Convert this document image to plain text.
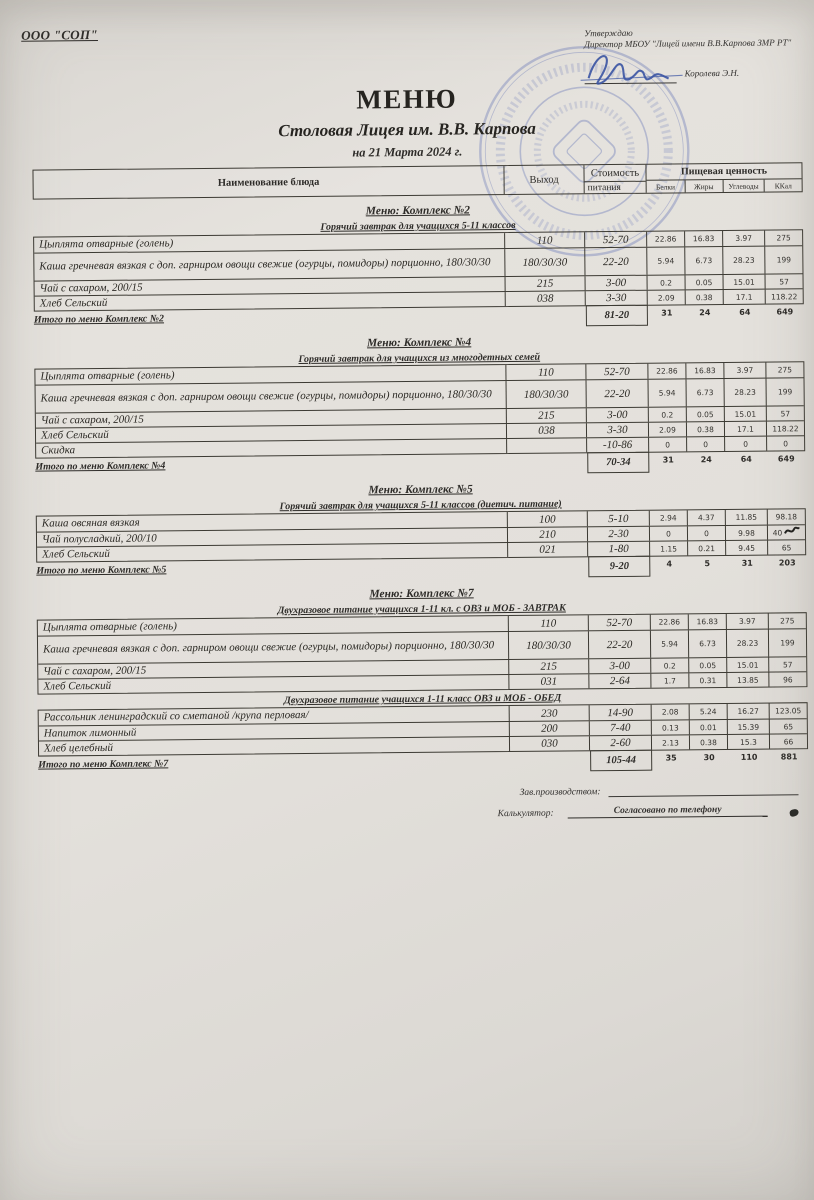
ООО "СОП"	Утверждаю
Директор МБОУ "Лицей имени В.В.Карпова ЗМР РТ"
Королева Э.Н.
МЕНЮ
Столовая Лицея им. В.В. Карпова
на 21 Марта 2024 г.
Наименование блюда	Выход
Стоимость
питания
Пищевая ценность
Белки	Жиры	Углеводы	ККал
Меню: Комплекс №2
Горячий завтрак для учащихся 5-11 классов
Цыплята отварные (голень)	110	52-70	22.86	16.83	3.97	275
Каша гречневая вязкая с доп. гарниром овощи свежие (огурцы, помидоры) порционно, 180/30/30	180/30/30	22-20	5.94	6.73	28.23	199
Чай с сахаром, 200/15	215	3-00	0.2	0.05	15.01	57
Хлеб Сельский	038	3-30	2.09	0.38	17.1	118.22
Итого по меню Комплекс №2	81-20	31	24	64	649
Меню: Комплекс №4
Горячий завтрак для учащихся из многодетных семей
Цыплята отварные (голень)	110	52-70	22.86	16.83	3.97	275
Каша гречневая вязкая с доп. гарниром овощи свежие (огурцы, помидоры) порционно, 180/30/30	180/30/30	22-20	5.94	6.73	28.23	199
Чай с сахаром, 200/15	215	3-00	0.2	0.05	15.01	57
Хлеб Сельский	038	3-30	2.09	0.38	17.1	118.22
Скидка	-10-86	0	0	0	0
Итого по меню Комплекс №4	70-34	31	24	64	649
Меню: Комплекс №5
Горячий завтрак для учащихся 5-11 классов (диетич. питание)
Каша овсяная вязкая	100	5-10	2.94	4.37	11.85	98.18
Чай полусладкий, 200/10	210	2-30	0	0	9.98	40
Хлеб Сельский	021	1-80	1.15	0.21	9.45	65
Итого по меню Комплекс №5	9-20	4	5	31	203
Меню: Комплекс №7
Двухразовое питание учащихся 1-11 кл. с ОВЗ и МОБ - ЗАВТРАК
Цыплята отварные (голень)	110	52-70	22.86	16.83	3.97	275
Каша гречневая вязкая с доп. гарниром овощи свежие (огурцы, помидоры) порционно, 180/30/30	180/30/30	22-20	5.94	6.73	28.23	199
Чай с сахаром, 200/15	215	3-00	0.2	0.05	15.01	57
Хлеб Сельский	031	2-64	1.7	0.31	13.85	96
Двухразовое питание учащихся 1-11 класс ОВЗ и МОБ - ОБЕД
Рассольник ленинградский со сметаной /крупа перловая/	230	14-90	2.08	5.24	16.27	123.05
Напиток лимонный	200	7-40	0.13	0.01	15.39	65
Хлеб целебный	030	2-60	2.13	0.38	15.3	66
Итого по меню Комплекс №7	105-44	35	30	110	881
Зав.производством:
Калькулятор:	Согласовано по телефону
